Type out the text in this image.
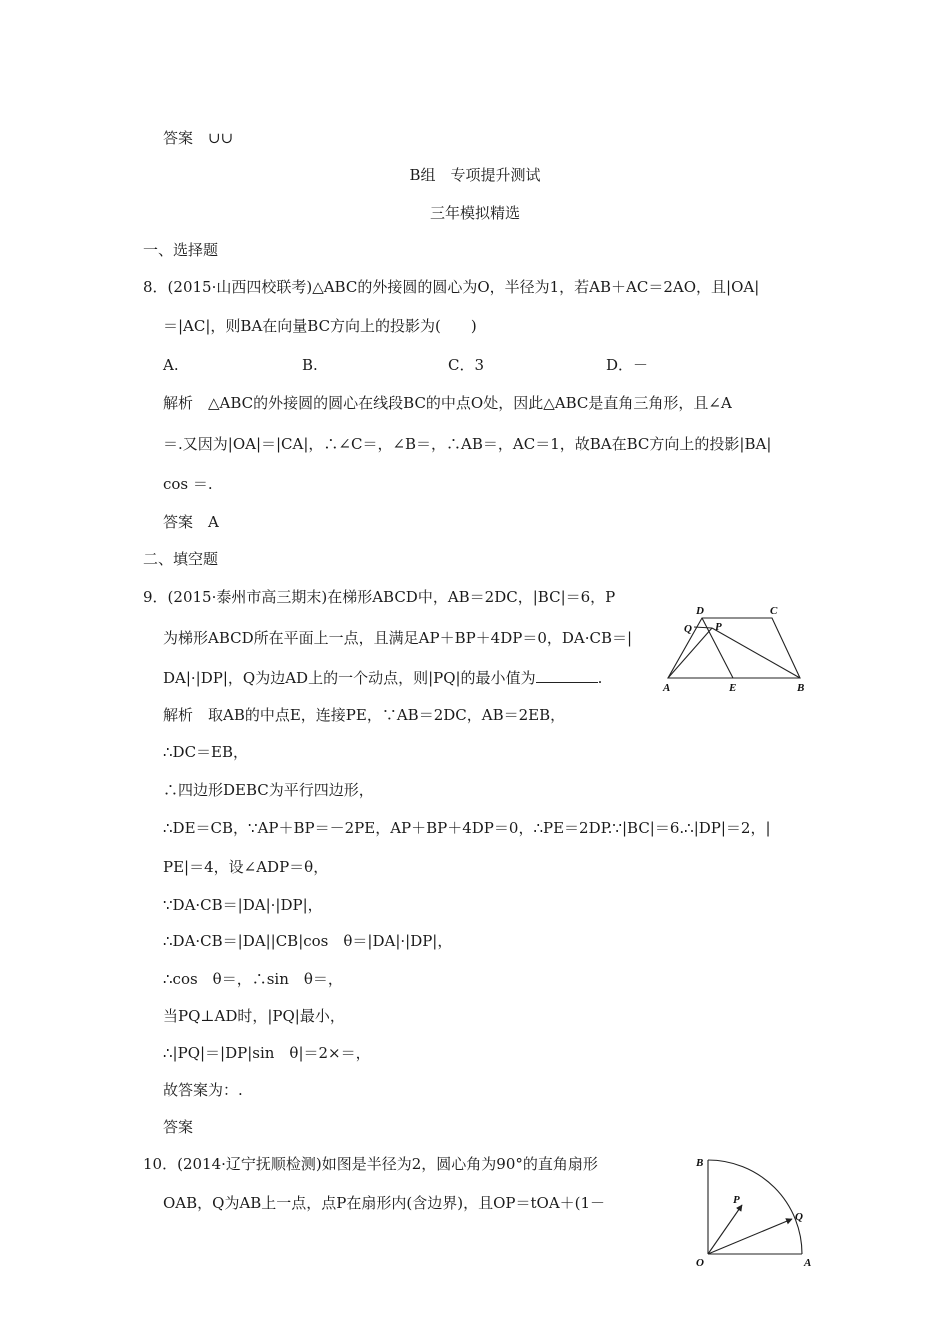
答案　∪∪
B组　专项提升测试
三年模拟精选
一、选择题
8．(2015·山西四校联考)△ABC的外接圆的圆心为O，半径为1，若AB＋AC＝2AO，且|OA|
＝|AC|，则BA在向量BC方向上的投影为(　　)
A.	B.	C．3	D．－
解析　△ABC的外接圆的圆心在线段BC的中点O处，因此△ABC是直角三角形，且∠A
＝.又因为|OA|＝|CA|，∴∠C＝，∠B＝，∴AB＝，AC＝1，故BA在BC方向上的投影|BA|
cos ＝.
答案　A
二、填空题
9．(2015·泰州市高三期末)在梯形ABCD中，AB＝2DC，|BC|＝6，P
为梯形ABCD所在平面上一点，且满足AP＋BP＋4DP＝0，DA·CB＝|
DA|·|DP|，Q为边AD上的一个动点，则|PQ|的最小值为	.
D	C
Q P
A	E	B
解析　取AB的中点E，连接PE，∵AB＝2DC，AB＝2EB，
∴DC＝EB，
∴四边形DEBC为平行四边形，
∴DE＝CB，∵AP＋BP＝－2PE，AP＋BP＋4DP＝0，∴PE＝2DP.∵|BC|＝6.∴|DP|＝2，|
PE|＝4，设∠ADP＝θ，
∵DA·CB＝|DA|·|DP|，
∴DA·CB＝|DA||CB|cos　θ＝|DA|·|DP|，
∴cos　θ＝，∴sin　θ＝，
当PQ⊥AD时，|PQ|最小，
∴|PQ|＝|DP|sin　θ|＝2×＝，
故答案为：.
答案
10．(2014·辽宁抚顺检测)如图是半径为2，圆心角为90°的直角扇形
OAB，Q为AB上一点，点P在扇形内(含边界)，且OP＝tOA＋(1－
B
P
Q
O	A
